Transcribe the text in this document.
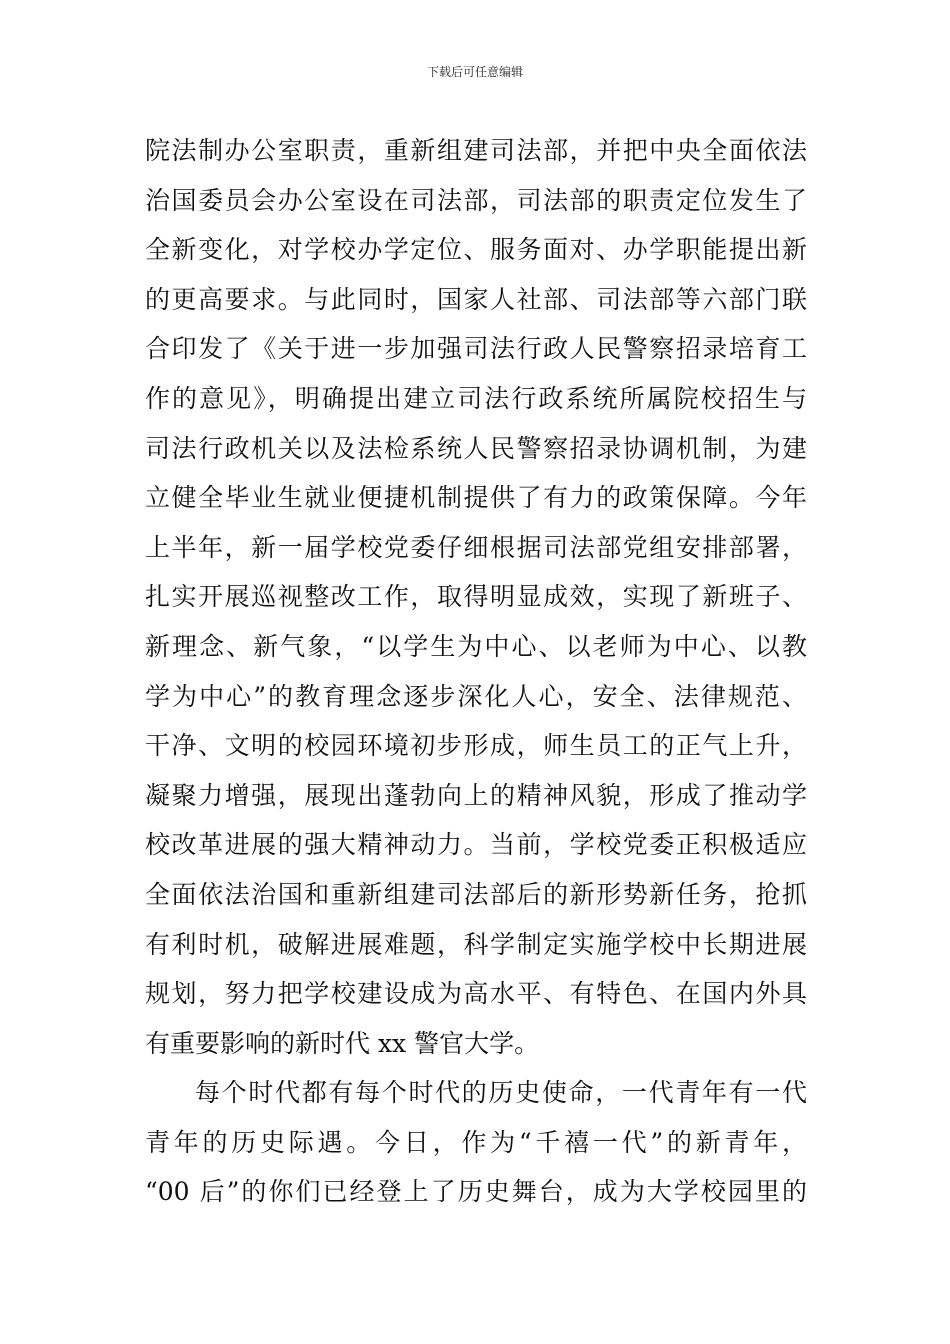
下载后可任意编辑
院法制办公室职责，重新组建司法部，并把中央全面依法
治国委员会办公室设在司法部，司法部的职责定位发生了
全新变化，对学校办学定位、服务面对、办学职能提出新
的更高要求。与此同时，国家人社部、司法部等六部门联
合印发了《关于进一步加强司法行政人民警察招录培育工
作的意见》，明确提出建立司法行政系统所属院校招生与
司法行政机关以及法检系统人民警察招录协调机制，为建
立健全毕业生就业便捷机制提供了有力的政策保障。今年
上半年，新一届学校党委仔细根据司法部党组安排部署，
扎实开展巡视整改工作，取得明显成效，实现了新班子、
新理念、新气象，“以学生为中心、以老师为中心、以教
学为中心”的教育理念逐步深化人心，安全、法律规范、
干净、文明的校园环境初步形成，师生员工的正气上升，
凝聚力增强，展现出蓬勃向上的精神风貌，形成了推动学
校改革进展的强大精神动力。当前，学校党委正积极适应
全面依法治国和重新组建司法部后的新形势新任务，抢抓
有利时机，破解进展难题，科学制定实施学校中长期进展
规划，努力把学校建设成为高水平、有特色、在国内外具
有重要影响的新时代 xx 警官大学。
每个时代都有每个时代的历史使命，一代青年有一代
青年的历史际遇。今日，作为“千禧一代”的新青年，
“00 后”的你们已经登上了历史舞台，成为大学校园里的
